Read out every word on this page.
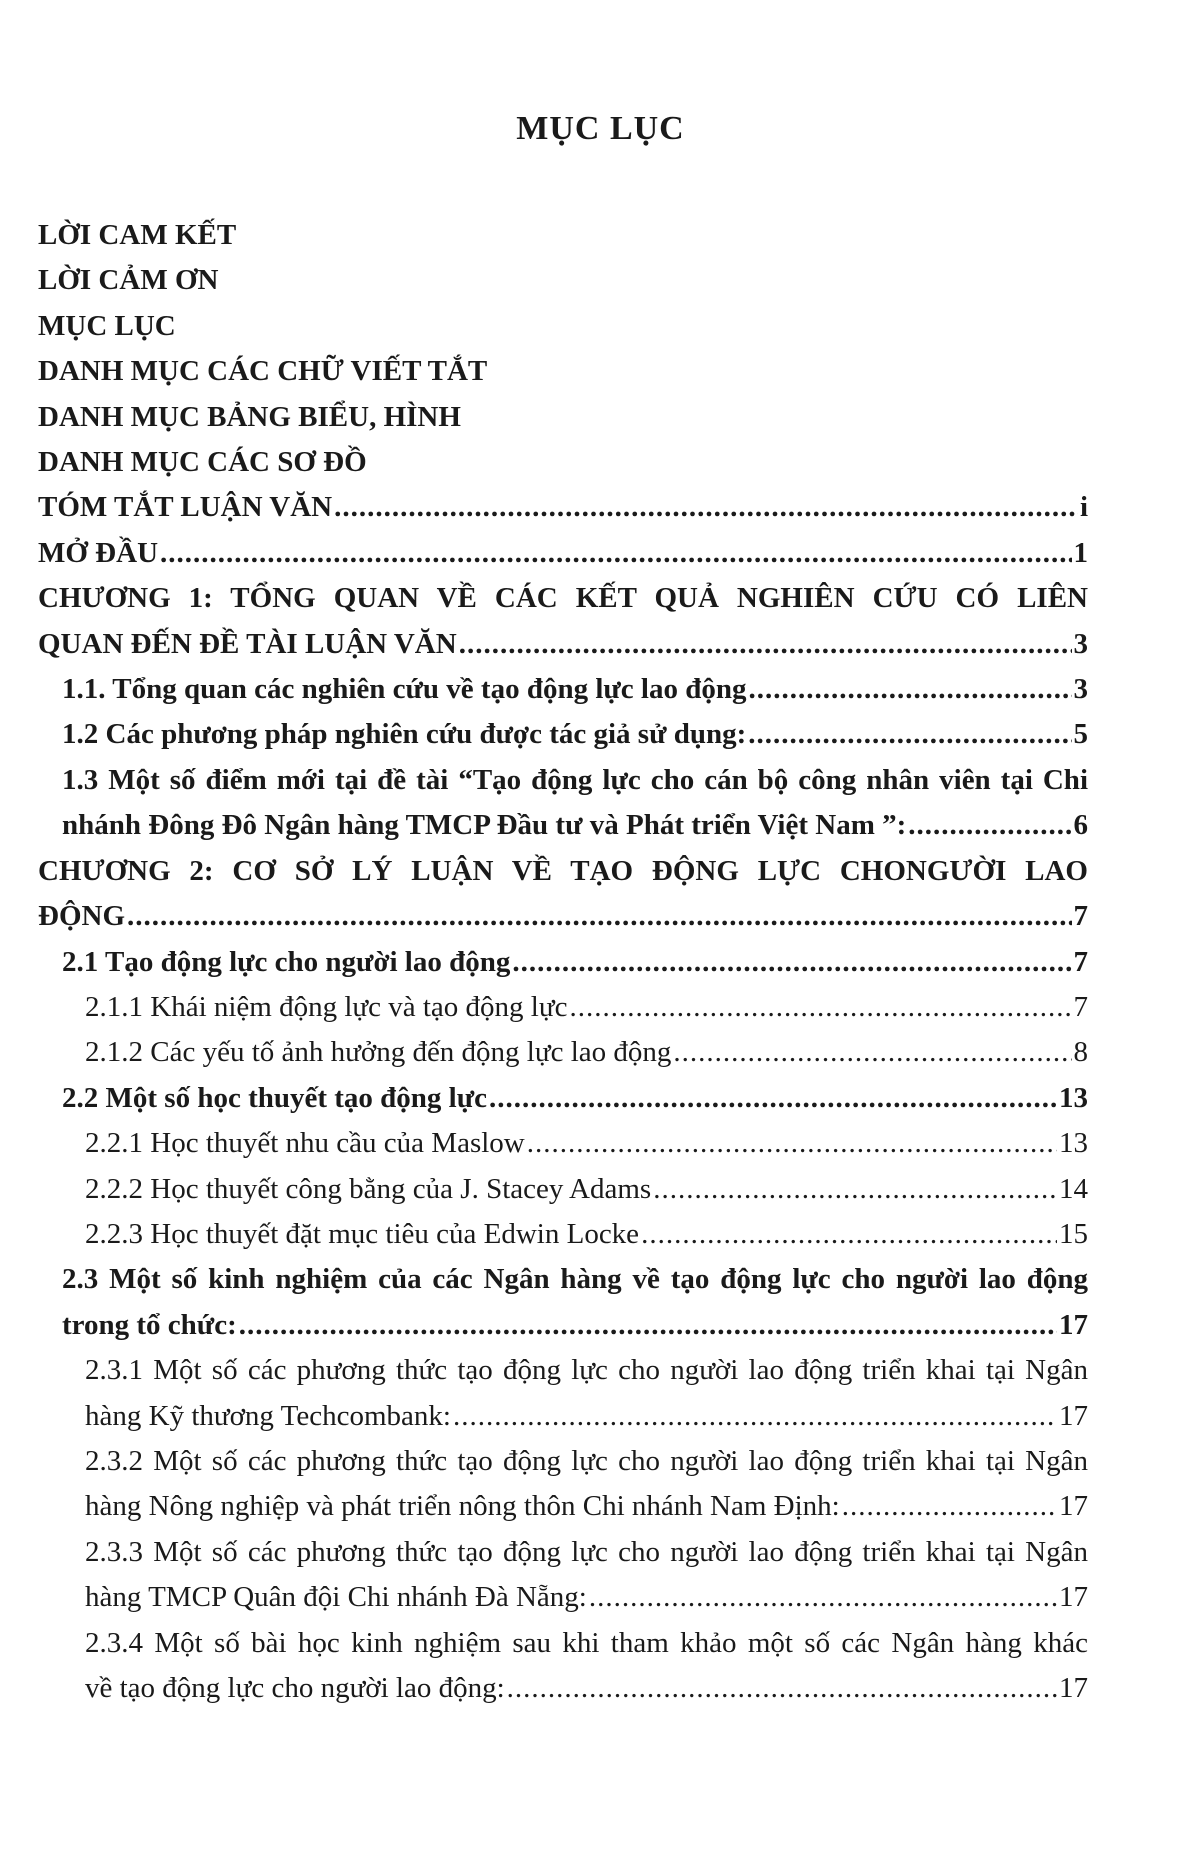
MỤC LỤC
LỜI CAM KẾT
LỜI CẢM ƠN
MỤC LỤC
DANH MỤC CÁC CHỮ VIẾT TẮT
DANH MỤC BẢNG BIỂU, HÌNH
DANH MỤC CÁC SƠ ĐỒ
TÓM TẮT LUẬN VĂN .....	i
MỞ ĐẦU .....	1
CHƯƠNG 1: TỔNG QUAN VỀ CÁC KẾT QUẢ NGHIÊN CỨU CÓ LIÊN
QUAN ĐẾN ĐỀ TÀI LUẬN VĂN .....	3
1.1. Tổng quan các nghiên cứu về tạo động lực lao động .....	3
1.2 Các phương pháp nghiên cứu được tác giả sử dụng: .....	5
1.3 Một số điểm mới tại đề tài “Tạo động lực cho cán bộ công nhân viên tại Chi
nhánh Đông Đô Ngân hàng TMCP Đầu tư và Phát triển Việt Nam ”: .....	6
CHƯƠNG 2: CƠ SỞ LÝ LUẬN VỀ TẠO ĐỘNG LỰC CHONGƯỜI LAO
ĐỘNG .....	7
2.1 Tạo động lực cho người lao động .....	7
2.1.1 Khái niệm động lực và tạo động lực .....	7
2.1.2 Các yếu tố ảnh hưởng đến động lực lao động .....	8
2.2 Một số học thuyết tạo động lực .....	13
2.2.1 Học thuyết nhu cầu của Maslow .....	13
2.2.2 Học thuyết công bằng của J. Stacey Adams .....	14
2.2.3 Học thuyết đặt mục tiêu của Edwin Locke .....	15
2.3 Một số kinh nghiệm của các Ngân hàng về tạo động lực cho người lao động
trong tổ chức: .....	17
2.3.1 Một số các phương thức tạo động lực cho người lao động triển khai tại Ngân
hàng Kỹ thương Techcombank: .....	17
2.3.2 Một số các phương thức tạo động lực cho người lao động triển khai tại Ngân
hàng Nông nghiệp và phát triển nông thôn Chi nhánh Nam Định: .....	17
2.3.3 Một số các phương thức tạo động lực cho người lao động triển khai tại Ngân
hàng TMCP Quân đội Chi nhánh Đà Nẵng: .....	17
2.3.4 Một số bài học kinh nghiệm sau khi tham khảo một số các Ngân hàng khác
về tạo động lực cho người lao động: .....	17
